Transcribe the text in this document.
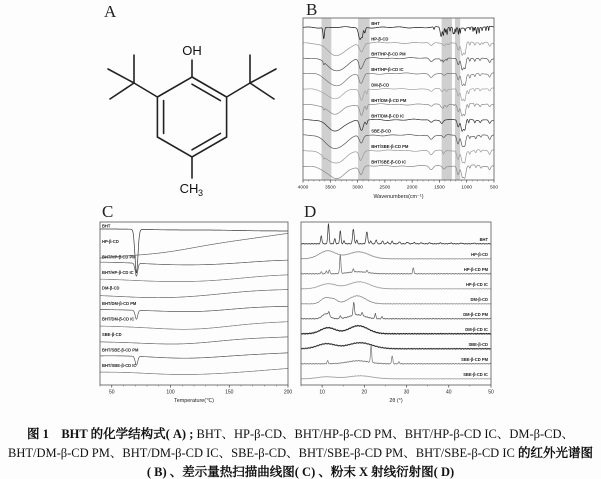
A	B
C	D
OH
CH 3
BHT
HP-β-CD
BHT/HP-β-CD PM
BHT/HP-β-CD IC
DM-β-CD
BHT/DM-β-CD PM
BHT/DM-β-CD IC
SBE-β-CD
BHT/SBE-β-CD PM
BHT/SBE-β-CD IC
4000	3500	3000	2500	2000	1500	1000	500
Wavenumbers(cm⁻¹)
BHT
HP-β-CD
BHT/HP-β-CD PM
BHT/HP-β-CD IC
DM-β-CD
BHT/DM-β-CD PM
BHT/DM-β-CD IC
SBE-β-CD
BHT/SBE-β-CD PM
BHT/SBE-β-CD IC
50	100	150	200
Temperature(℃)
BHT
HP-β-CD
HP-β-CD PM
HP-β-CD IC
DM-β-CD
DM-β-CD PM
DM-β-CD IC
SBE-β-CD
SBE-β-CD PM
SBE-β-CD IC
10	20	30	40	50
2θ (°)
图 1　BHT 的化学结构式( A) ; BHT、HP-β-CD、BHT/HP-β-CD PM、BHT/HP-β-CD IC、DM-β-CD、BHT/DM-β-CD PM、BHT/DM-β-CD IC、SBE-β-CD、BHT/SBE-β-CD PM、BHT/SBE-β-CD IC 的红外光谱图( B) 、差示量热扫描曲线图( C) 、粉末 X 射线衍射图( D)
